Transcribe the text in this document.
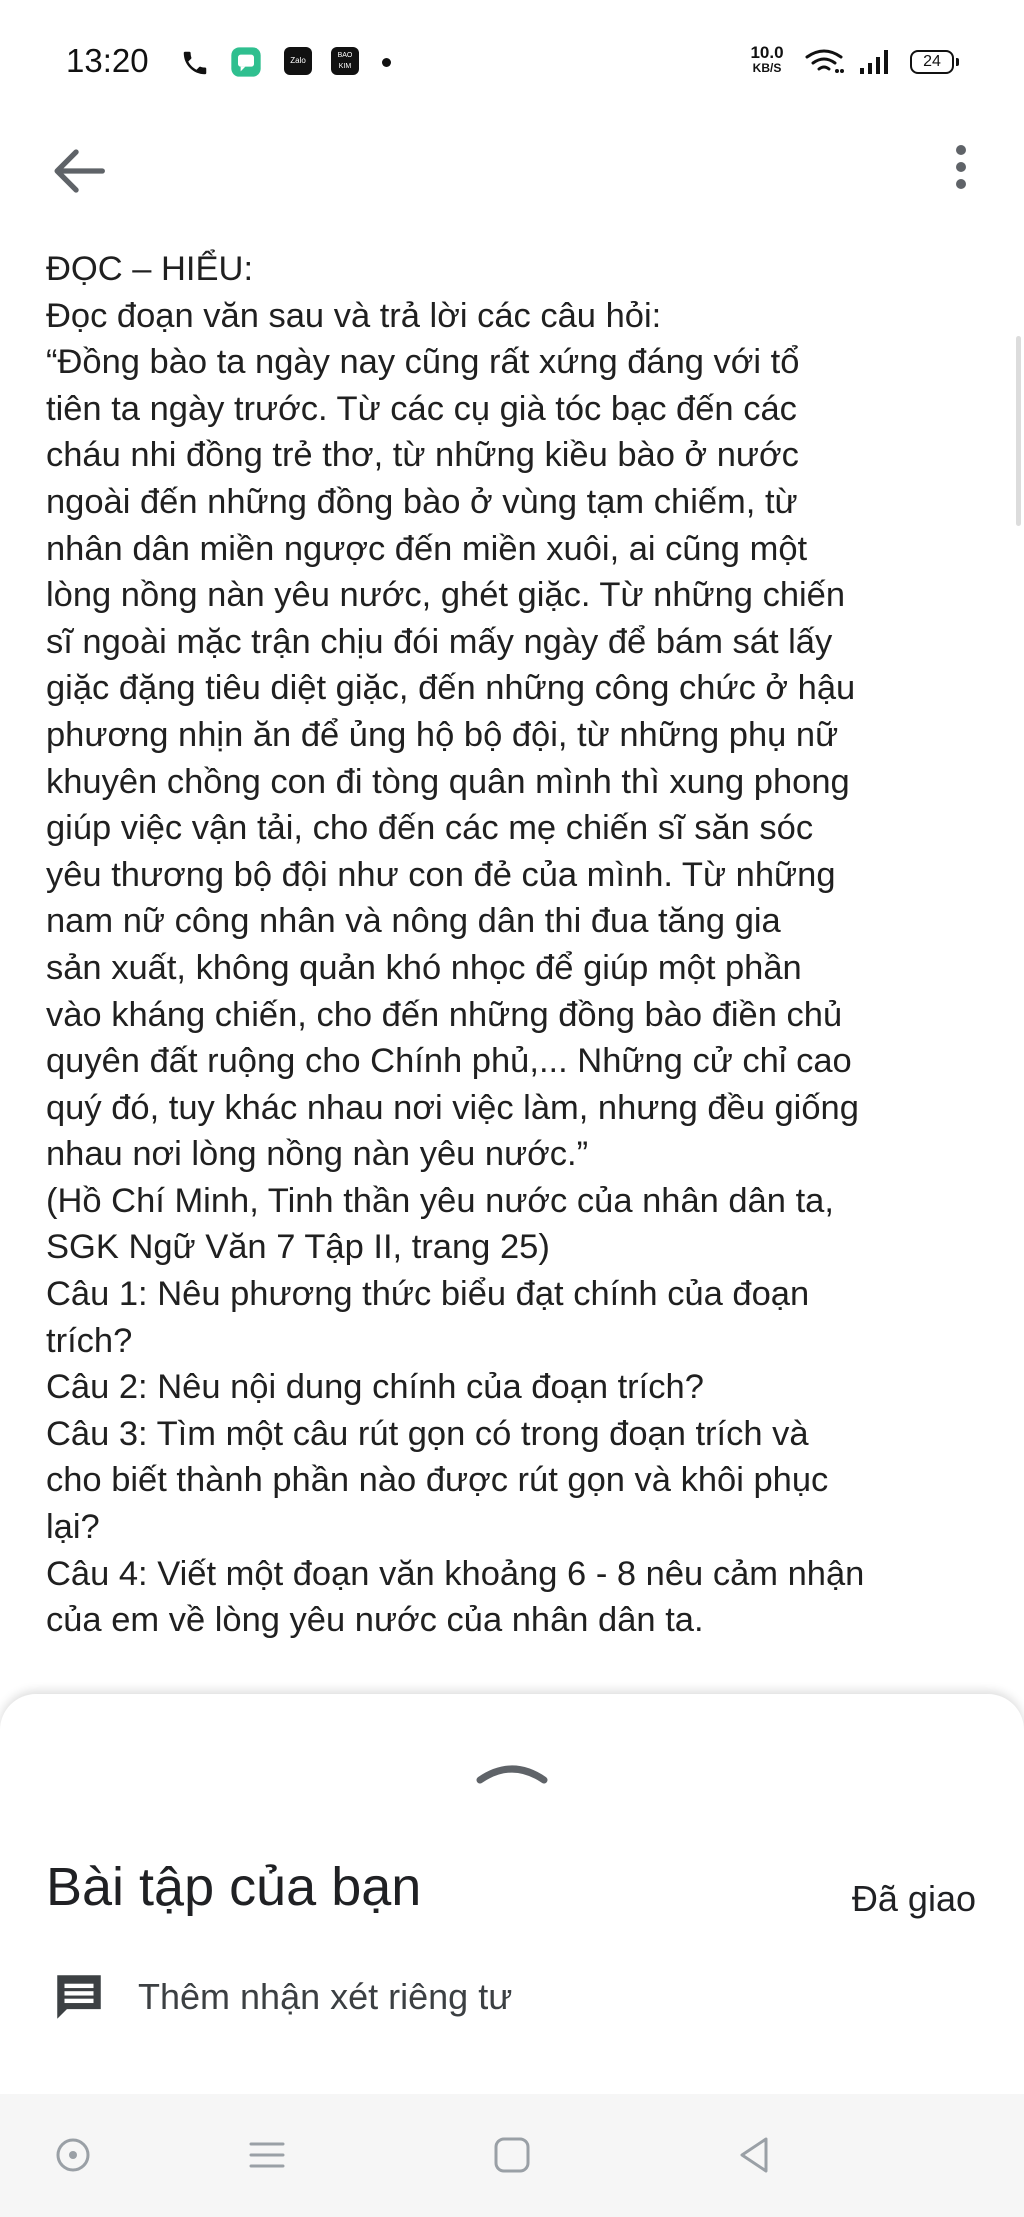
13:20	Zalo
BAO KIM
10.0
KB/S	24

ĐỌC – HIỂU:

Đọc đoạn văn sau và trả lời các câu hỏi:

“Đồng bào ta ngày nay cũng rất xứng đáng với tổ

tiên ta ngày trước. Từ các cụ già tóc bạc đến các

cháu nhi đồng trẻ thơ, từ những kiều bào ở nước

ngoài đến những đồng bào ở vùng tạm chiếm, từ

nhân dân miền ngược đến miền xuôi, ai cũng một

lòng nồng nàn yêu nước, ghét giặc. Từ những chiến

sĩ ngoài mặc trận chịu đói mấy ngày để bám sát lấy

giặc đặng tiêu diệt giặc, đến những công chức ở hậu

phương nhịn ăn để ủng hộ bộ đội, từ những phụ nữ

khuyên chồng con đi tòng quân mình thì xung phong

giúp việc vận tải, cho đến các mẹ chiến sĩ săn sóc

yêu thương bộ đội như con đẻ của mình. Từ những

nam nữ công nhân và nông dân thi đua tăng gia

sản xuất, không quản khó nhọc để giúp một phần

vào kháng chiến, cho đến những đồng bào điền chủ

quyên đất ruộng cho Chính phủ,... Những cử chỉ cao

quý đó, tuy khác nhau nơi việc làm, nhưng đều giống

nhau nơi lòng nồng nàn yêu nước.”

(Hồ Chí Minh, Tinh thần yêu nước của nhân dân ta,

SGK Ngữ Văn 7 Tập II, trang 25)

Câu 1: Nêu phương thức biểu đạt chính của đoạn

trích?

Câu 2: Nêu nội dung chính của đoạn trích?

Câu 3: Tìm một câu rút gọn có trong đoạn trích và

cho biết thành phần nào được rút gọn và khôi phục

lại?

Câu 4: Viết một đoạn văn khoảng 6 - 8 nêu cảm nhận

của em về lòng yêu nước của nhân dân ta.

Bài tập của bạn	Đã giao
Thêm nhận xét riêng tư
